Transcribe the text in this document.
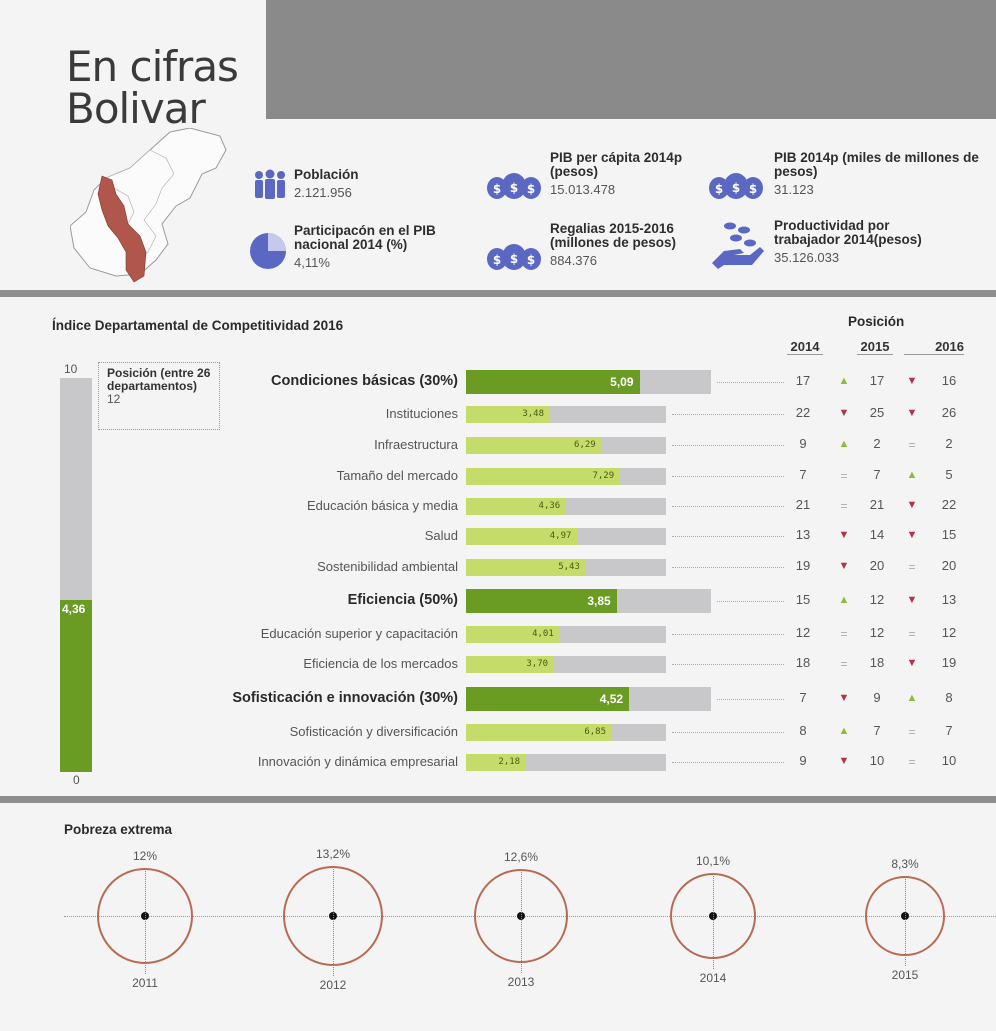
En cifras
Bolivar
Población
2.121.956
Participacón en el PIB nacional 2014 (%)
4,11%
$ $ $
PIB per cápita 2014p (pesos)
15.013.478
$ $ $
Regalias 2015-2016 (millones de pesos)
884.376
$ $ $
PIB 2014p (miles de millones de pesos)
31.123
Productividad por trabajador 2014(pesos)
35.126.033
Índice Departamental de Competitividad 2016
10
4,36
0
Posición (entre 26 departamentos)
12
Posición
2014	2015	2016
Condiciones básicas (30%)	5,09	17	▲	17	▼	16
Instituciones	3,48	22	▼	25	▼	26
Infraestructura	6,29	9	▲	2	=	2
Tamaño del mercado	7,29	7	=	7	▲	5
Educación básica y media	4,36	21	=	21	▼	22
Salud	4,97	13	▼	14	▼	15
Sostenibilidad ambiental	5,43	19	▼	20	=	20
Eficiencia (50%)	3,85	15	▲	12	▼	13
Educación superior y capacitación	4,01	12	=	12	=	12
Eficiencia de los mercados	3,70	18	=	18	▼	19
Sofisticación e innovación (30%)	4,52	7	▼	9	▲	8
Sofisticación y diversificación	6,85	8	▲	7	=	7
Innovación y dinámica empresarial	2,18	9	▼	10	=	10
Pobreza extrema
12%
2011
13,2%
2012
12,6%
2013
10,1%
2014
8,3%
2015
